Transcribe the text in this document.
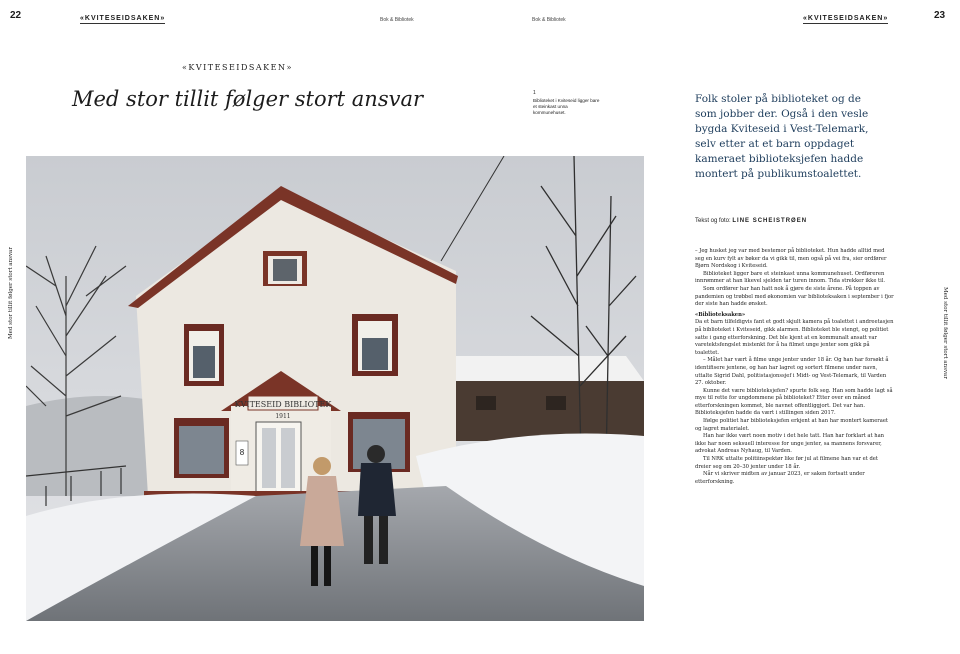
22	«KVITESEIDSAKEN»	Bok & Bibliotek
Med stor tillit følger stort ansvar
«KVITESEIDSAKEN»
Med stor tillit følger stort ansvar
Bok & Bibliotek	«KVITESEIDSAKEN»	23
Med stor tillit følger stort ansvar
1
Biblioteket i Kviteseid ligger bare et steinkast unna kommunehuset.
KVITESEID BIBLIOTEK
1911
8
Folk stoler på biblioteket og de som jobber der. Også i den vesle bygda Kviteseid i Vest-Telemark, selv etter at et barn oppdaget kameraet biblioteksjefen hadde montert på publikumstoalettet.
Tekst og foto: LINE SCHEISTRØEN

– Jeg husket jeg var med bestemor på biblioteket. Hun hadde alltid med seg en kurv fylt av bøker da vi gikk til, men også på vei fra, sier ordfører Bjørn Nordskog i Kviteseid.

Biblioteket ligger bare et steinkast unna kommunehuset. Ordføreren innrømmer at han likevel sjelden tar turen innom. Tida strekker ikke til.

Som ordfører har han hatt nok å gjøre de siste årene. På toppen av pandemien og trøbbel med økonomien var biblioteksaken i september i fjor der siste han hadde ønsket.

«Biblioteksaken»

Da et barn tilfeldigvis fant et godt skjult kamera på toalettet i andreetasjen på biblioteket i Kviteseid, gikk alarmen. Biblioteket ble stengt, og politiet satte i gang etterforskning. Det ble kjent at en kommunalt ansatt var varetektsfengslet mistenkt for å ha filmet unge jenter som gikk på toalettet.

– Målet har vært å filme unge jenter under 18 år. Og han har forsøkt å identifisere jentene, og han har lagret og sortert filmene under navn, uttalte Sigrid Dahl, politistasjonssjef i Midt- og Vest-Telemark, til Varden 27. oktober.

Kunne det være biblioteksjefen? spurte folk seg. Han som hadde lagt så mye til rette for ungdommene på biblioteket? Etter over en måned etterforskningen kommet, ble navnet offentliggjort. Det var han. Biblioteksjefen hadde da vært i stillingen siden 2017.

Ifølge politiet har biblioteksjefen erkjent at han har montert kameraet og lagret materialet.

Han har ikke vært noen motiv i det hele tatt. Han har forklart at han ikke har noen seksuell interesse for unge jenter, sa mannens forsvarer, advokat Andreas Nyhaug, til Varden.

Til NRK uttalte politiinspektør like før jul at filmene han var et det dreier seg om 20–30 jenter under 18 år.

Når vi skriver midten av januar 2023, er saken fortsatt under etterforskning.
